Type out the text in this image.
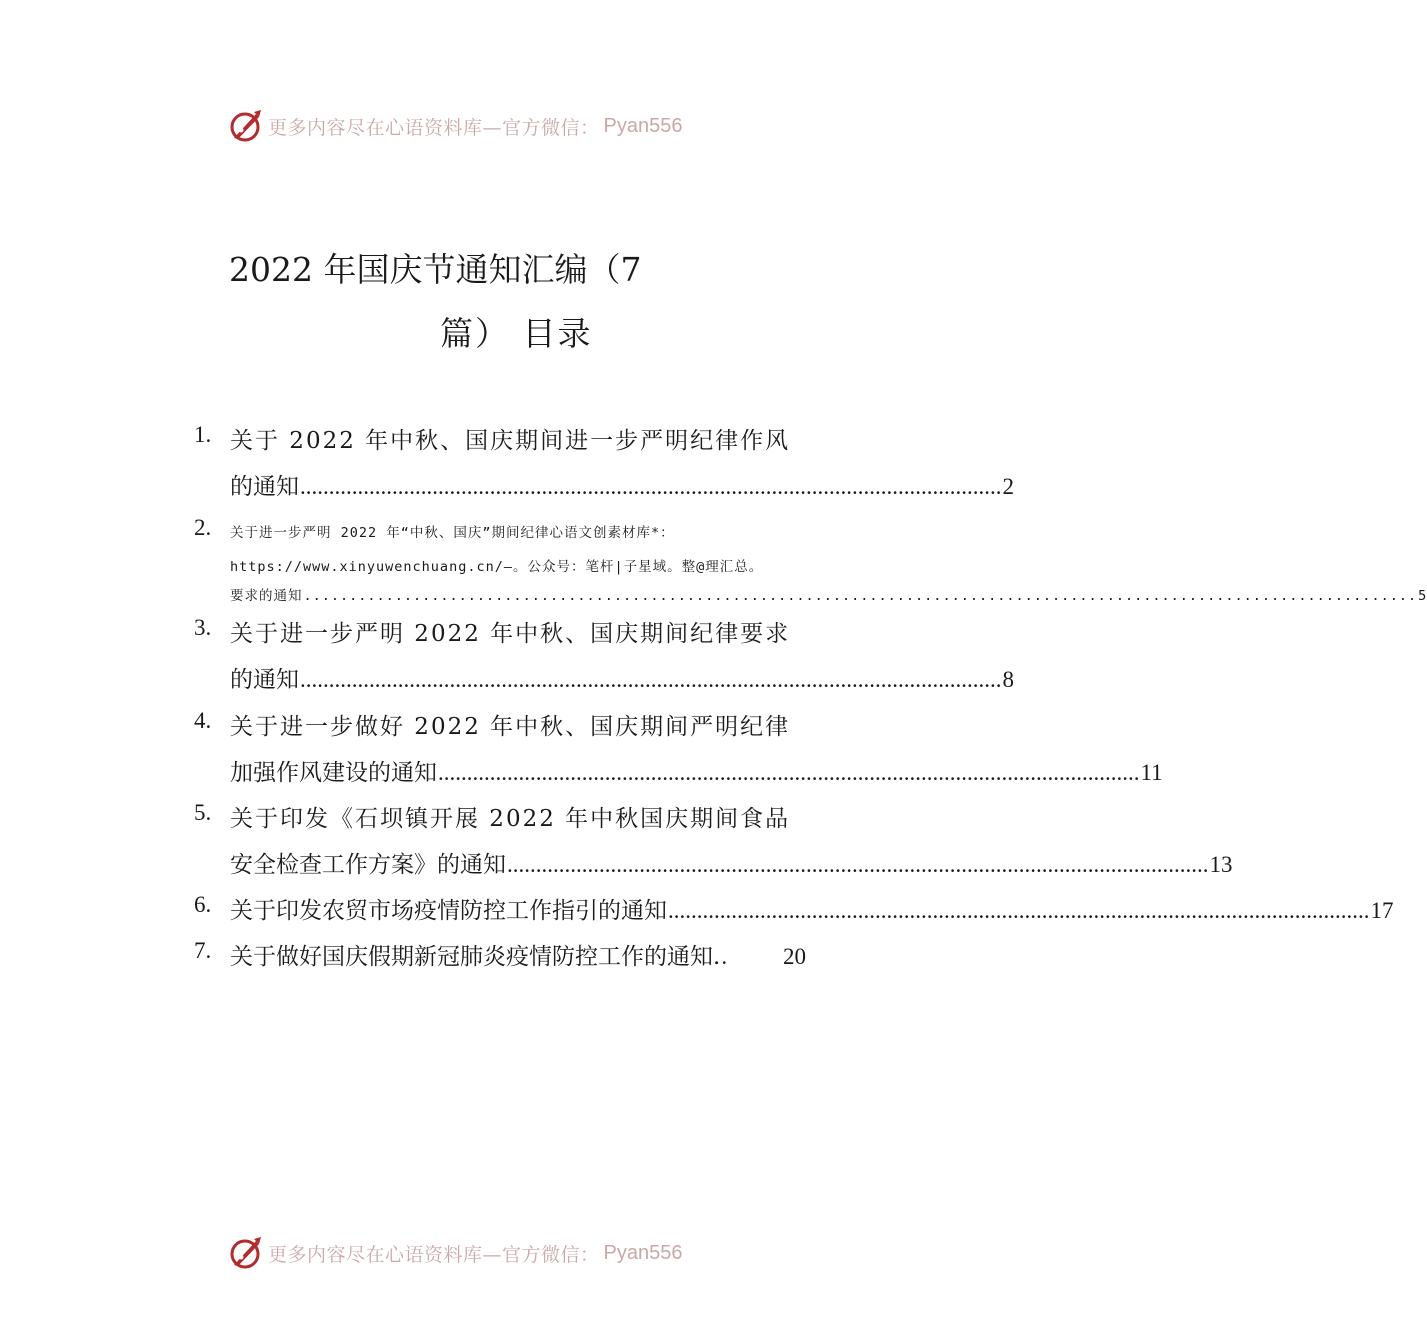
更多内容尽在心语资料库—官方微信： Pyan556
2022 年国庆节通知汇编（7
篇） 目录
1. 关于 2022 年中秋、国庆期间进一步严明纪律作风
的通知 .......................................................................................................................... 2
2. 关于进一步严明 2022 年“中秋、国庆”期间纪律心语文创素材库*：
https://www.xinyuwenchuang.cn/—。公众号：笔杆|子星域。整@理汇总。
要求的通知 .......................................................................................................................... 5
3. 关于进一步严明 2022 年中秋、国庆期间纪律要求
的通知 .......................................................................................................................... 8
4. 关于进一步做好 2022 年中秋、国庆期间严明纪律
加强作风建设的通知 .......................................................................................................................... 11
5. 关于印发《石坝镇开展 2022 年中秋国庆期间食品
安全检查工作方案》的通知 .......................................................................................................................... 13
6. 关于印发农贸市场疫情防控工作指引的通知 .......................................................................................................................... 17
7. 关于做好国庆假期新冠肺炎疫情防控工作的通知. .	20
更多内容尽在心语资料库—官方微信： Pyan556
